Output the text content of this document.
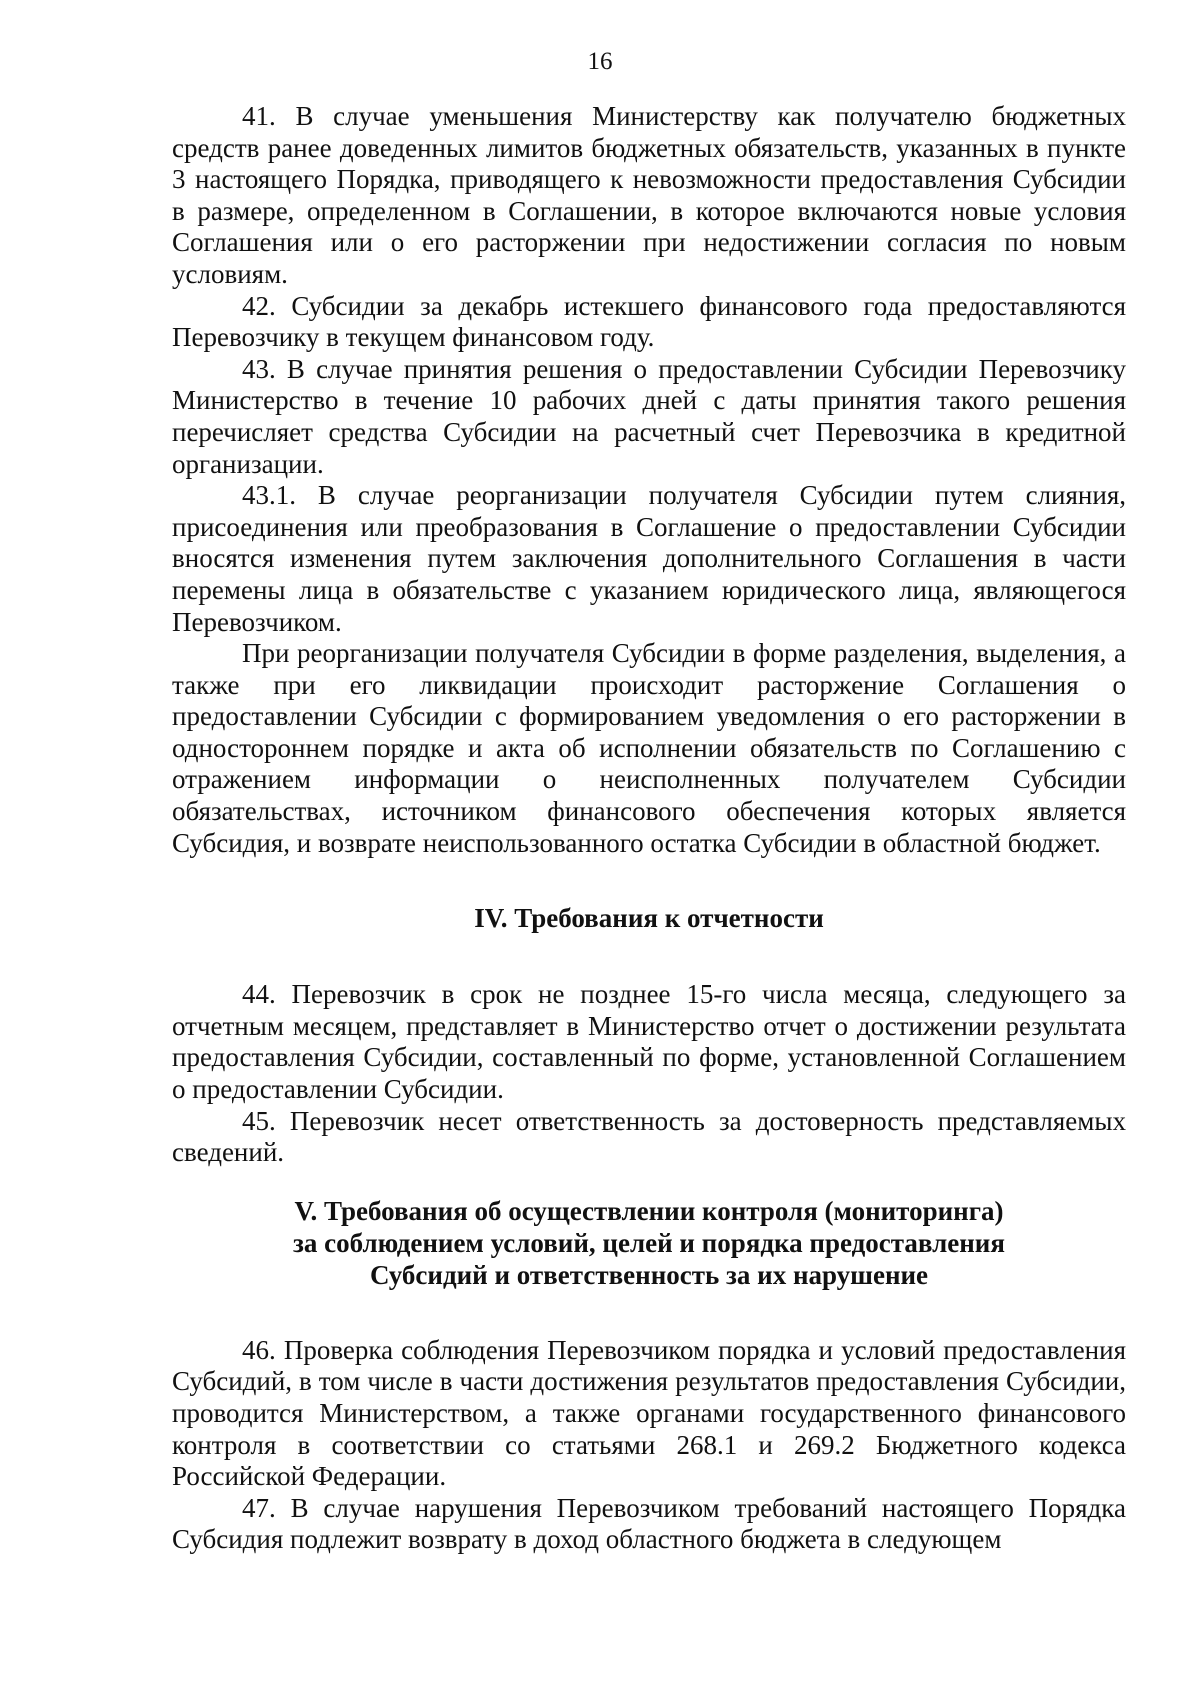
16

41. В случае уменьшения Министерству как получателю бюджетных средств ранее доведенных лимитов бюджетных обязательств, указанных в пункте 3 настоящего Порядка, приводящего к невозможности предоставления Субсидии в размере, определенном в Соглашении, в которое включаются новые условия Соглашения или о его расторжении при недостижении согласия по новым условиям.

42. Субсидии за декабрь истекшего финансового года предоставляются Перевозчику в текущем финансовом году.

43. В случае принятия решения о предоставлении Субсидии Перевозчику Министерство в течение 10 рабочих дней с даты принятия такого решения перечисляет средства Субсидии на расчетный счет Перевозчика в кредитной организации.

43.1. В случае реорганизации получателя Субсидии путем слияния, присоединения или преобразования в Соглашение о предоставлении Субсидии вносятся изменения путем заключения дополнительного Соглашения в части перемены лица в обязательстве с указанием юридического лица, являющегося Перевозчиком.

При реорганизации получателя Субсидии в форме разделения, выделения, а также при его ликвидации происходит расторжение Соглашения о предоставлении Субсидии с формированием уведомления о его расторжении в одностороннем порядке и акта об исполнении обязательств по Соглашению с отражением информации о неисполненных получателем Субсидии обязательствах, источником финансового обеспечения которых является Субсидия, и возврате неиспользованного остатка Субсидии в областной бюджет.

IV. Требования к отчетности

44. Перевозчик в срок не позднее 15-го числа месяца, следующего за отчетным месяцем, представляет в Министерство отчет о достижении результата предоставления Субсидии, составленный по форме, установленной Соглашением о предоставлении Субсидии.

45. Перевозчик несет ответственность за достоверность представляемых сведений.

V. Требования об осуществлении контроля (мониторинга)
за соблюдением условий, целей и порядка предоставления
Субсидий и ответственность за их нарушение

46. Проверка соблюдения Перевозчиком порядка и условий предоставления Субсидий, в том числе в части достижения результатов предоставления Субсидии, проводится Министерством, а также органами государственного финансового контроля в соответствии со статьями 268.1 и 269.2 Бюджетного кодекса Российской Федерации.

47. В случае нарушения Перевозчиком требований настоящего Порядка Субсидия подлежит возврату в доход областного бюджета в следующем
